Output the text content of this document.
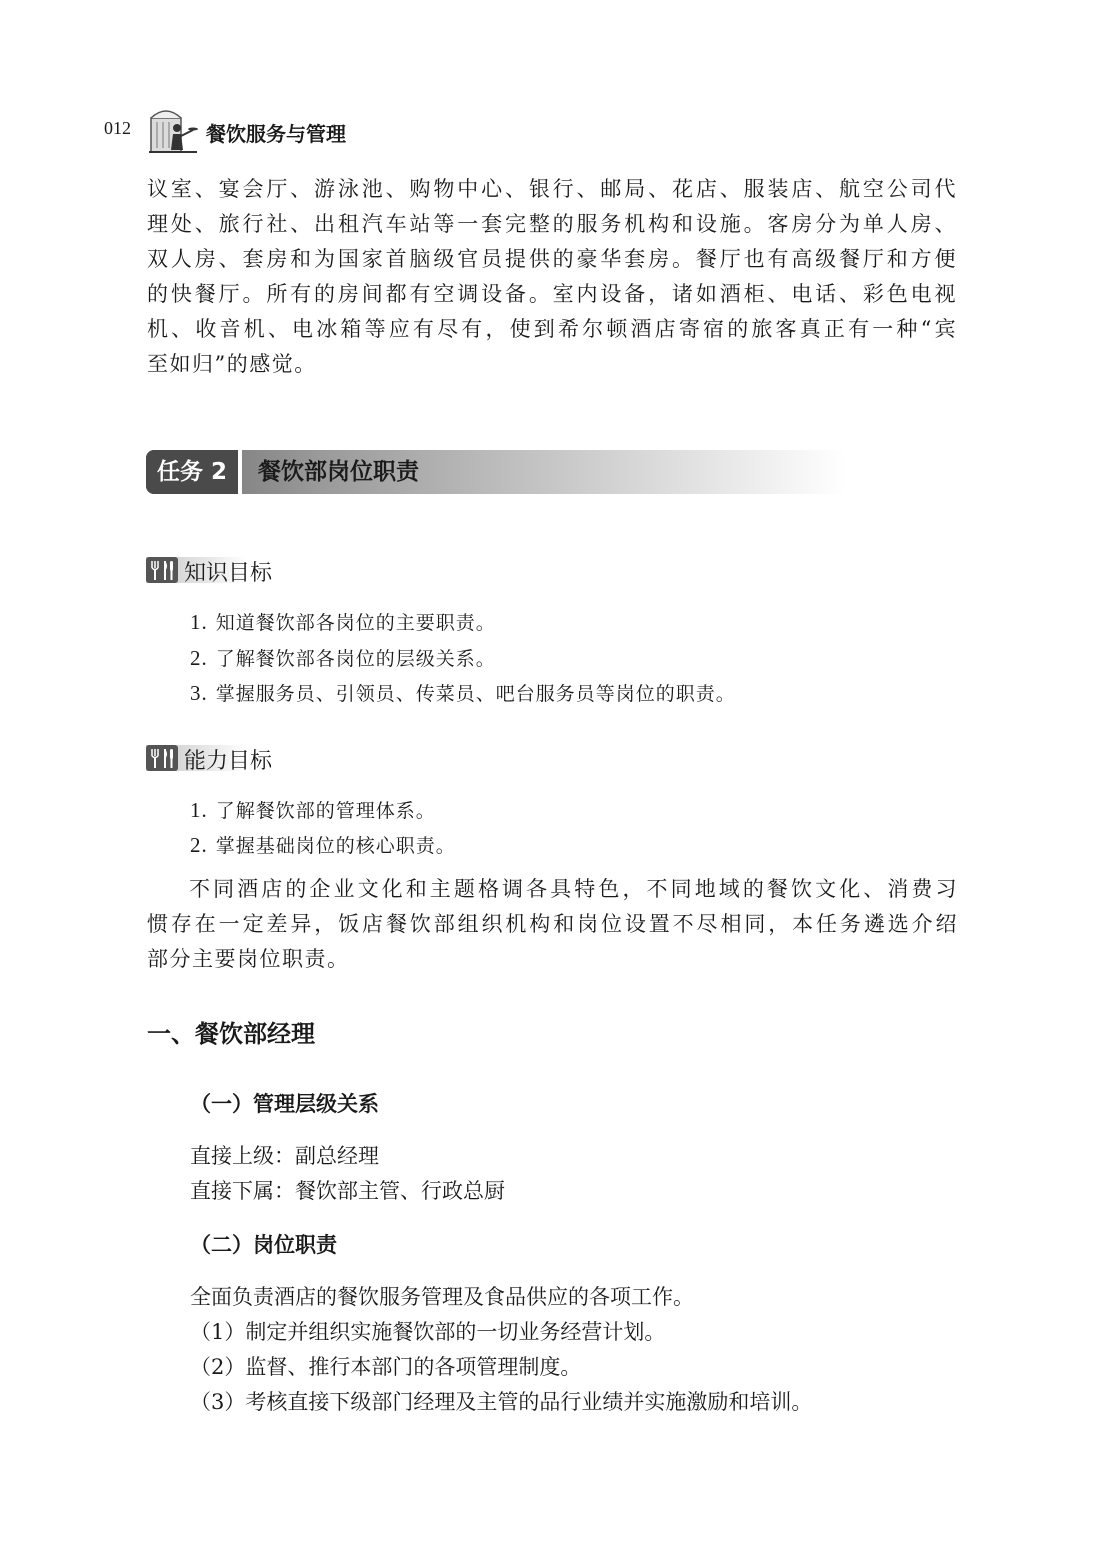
012	餐饮服务与管理

议室、宴会厅、游泳池、购物中心、银行、邮局、花店、服装店、航空公司代

理处、旅行社、出租汽车站等一套完整的服务机构和设施。客房分为单人房、

双人房、套房和为国家首脑级官员提供的豪华套房。餐厅也有高级餐厅和方便

的快餐厅。所有的房间都有空调设备。室内设备，诸如酒柜、电话、彩色电视

机、收音机、电冰箱等应有尽有，使到希尔顿酒店寄宿的旅客真正有一种“宾

至如归”的感觉。

任务 2	餐饮部岗位职责
知识目标
1. 知道餐饮部各岗位的主要职责。
2. 了解餐饮部各岗位的层级关系。
3. 掌握服务员、引领员、传菜员、吧台服务员等岗位的职责。
能力目标
1. 了解餐饮部的管理体系。
2. 掌握基础岗位的核心职责。

不同酒店的企业文化和主题格调各具特色，不同地域的餐饮文化、消费习

惯存在一定差异，饭店餐饮部组织机构和岗位设置不尽相同，本任务遴选介绍

部分主要岗位职责。

一、餐饮部经理
（一）管理层级关系
直接上级：副总经理
直接下属：餐饮部主管、行政总厨
（二）岗位职责
全面负责酒店的餐饮服务管理及食品供应的各项工作。
（1）制定并组织实施餐饮部的一切业务经营计划。
（2）监督、推行本部门的各项管理制度。
（3）考核直接下级部门经理及主管的品行业绩并实施激励和培训。
